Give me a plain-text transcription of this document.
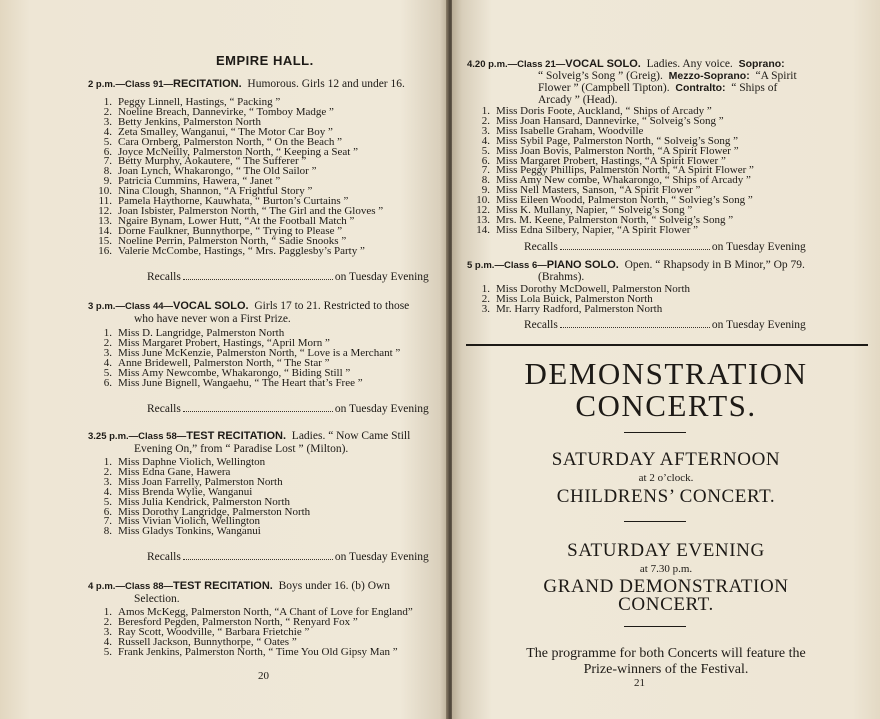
EMPIRE HALL.
2 p.m.—Class 91—RECITATION. Humorous. Girls 12 and under 16.
1. Peggy Linnell, Hastings, “ Packing ”
2. Noeline Breach, Dannevirke, “ Tomboy Madge ”
3. Betty Jenkins, Palmerston North
4. Zeta Smalley, Wanganui, “ The Motor Car Boy ”
5. Cara Ornberg, Palmerston North, “ On the Beach ”
6. Joyce McNeilly, Palmerston North, “ Keeping a Seat ”
7. Betty Murphy, Aokautere, “ The Sufferer ”
8. Joan Lynch, Whakarongo, “ The Old Sailor ”
9. Patricia Cummins, Hawera, “ Janet ”
10. Nina Clough, Shannon, “A Frightful Story ”
11. Pamela Haythorne, Kauwhata, “ Burton’s Curtains ”
12. Joan Isbister, Palmerston North, “ The Girl and the Gloves ”
13. Ngaire Bynam, Lower Hutt, “At the Football Match ”
14. Dorne Faulkner, Bunnythorpe, “ Trying to Please ”
15. Noeline Perrin, Palmerston North, “ Sadie Snooks ”
16. Valerie McCombe, Hastings, “ Mrs. Pagglesby’s Party ”
Recalls	on Tuesday Evening
3 p.m.—Class 44—VOCAL SOLO. Girls 17 to 21. Restricted to those
who have never won a First Prize.
1. Miss D. Langridge, Palmerston North
2. Miss Margaret Probert, Hastings, “April Morn ”
3. Miss June McKenzie, Palmerston North, “ Love is a Merchant ”
4. Anne Bridewell, Palmerston North, “ The Star ”
5. Miss Amy Newcombe, Whakarongo, “ Biding Still ”
6. Miss June Bignell, Wangaehu, “ The Heart that’s Free ”
Recalls	on Tuesday Evening
3.25 p.m.—Class 58—TEST RECITATION. Ladies. “ Now Came Still
Evening On,” from “ Paradise Lost ” (Milton).
1. Miss Daphne Violich, Wellington
2. Miss Edna Gane, Hawera
3. Miss Joan Farrelly, Palmerston North
4. Miss Brenda Wylie, Wanganui
5. Miss Julia Kendrick, Palmerston North
6. Miss Dorothy Langridge, Palmerston North
7. Miss Vivian Violich, Wellington
8. Miss Gladys Tonkins, Wanganui
Recalls	on Tuesday Evening
4 p.m.—Class 88—TEST RECITATION. Boys under 16. (b) Own
Selection.
1. Amos McKegg, Palmerston North, “A Chant of Love for England”
2. Beresford Pegden, Palmerston North, “ Renyard Fox ”
3. Ray Scott, Woodville, “ Barbara Frietchie ”
4. Russell Jackson, Bunnythorpe, “ Oates ”
5. Frank Jenkins, Palmerston North, “ Time You Old Gipsy Man ”
20
4.20 p.m.—Class 21—VOCAL SOLO. Ladies. Any voice. Soprano:
“ Solveig’s Song ” (Greig). Mezzo-Soprano: “A Spirit
Flower ” (Campbell Tipton). Contralto: “ Ships of
Arcady ” (Head).
1. Miss Doris Foote, Auckland, “ Ships of Arcady ”
2. Miss Joan Hansard, Dannevirke, “ Solveig’s Song ”
3. Miss Isabelle Graham, Woodville
4. Miss Sybil Page, Palmerston North, “ Solveig’s Song ”
5. Miss Joan Bovis, Palmerston North, “A Spirit Flower ”
6. Miss Margaret Probert, Hastings, “A Spirit Flower ”
7. Miss Peggy Phillips, Palmerston North, “A Spirit Flower ”
8. Miss Amy New combe, Whakarongo, “ Ships of Arcady ”
9. Miss Nell Masters, Sanson, “A Spirit Flower ”
10. Miss Eileen Woodd, Palmerston North, “ Solvieg’s Song ”
12. Miss K. Mullany, Napier, “ Solveig’s Song ”
13. Mrs. M. Keene, Palmerston North, “ Solveig’s Song ”
14. Miss Edna Silbery, Napier, “A Spirit Flower ”
Recalls	on Tuesday Evening
5 p.m.—Class 6—PIANO SOLO. Open. “ Rhapsody in B Minor,” Op 79.
(Brahms).
1. Miss Dorothy McDowell, Palmerston North
2. Miss Lola Buick, Palmerston North
3. Mr. Harry Radford, Palmerston North
Recalls	on Tuesday Evening
DEMONSTRATION
CONCERTS.
SATURDAY AFTERNOON
at 2 o’clock.
CHILDRENS’ CONCERT.
SATURDAY EVENING
at 7.30 p.m.
GRAND DEMONSTRATION
CONCERT.
The programme for both Concerts will feature the
Prize-winners of the Festival.
21
